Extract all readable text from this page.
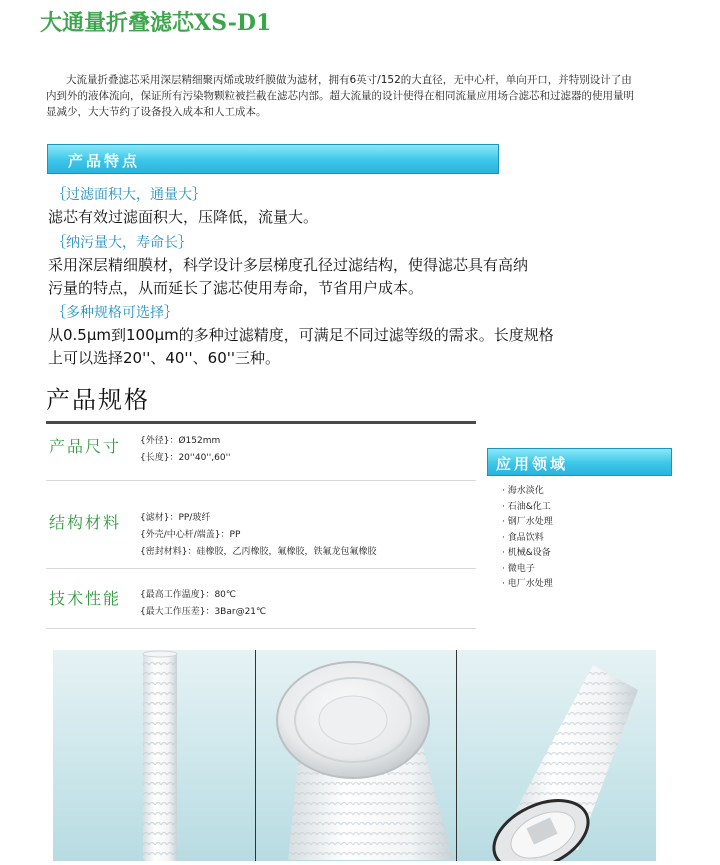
大通量折叠滤芯XS-D1
大流量折叠滤芯采用深层精细聚丙烯或玻纤膜做为滤材，拥有6英寸/152的大直径，无中心杆，单向开口，并特别设计了由内到外的液体流向，保证所有污染物颗粒被拦截在滤芯内部。超大流量的设计使得在相同流量应用场合滤芯和过滤器的使用量明显减少，大大节约了设备投入成本和人工成本。
产品特点
｛过滤面积大，通量大｝
滤芯有效过滤面积大，压降低，流量大。
｛纳污量大，寿命长｝
采用深层精细膜材，科学设计多层梯度孔径过滤结构，使得滤芯具有高纳
污量的特点，从而延长了滤芯使用寿命，节省用户成本。
｛多种规格可选择｝
从0.5μm到100μm的多种过滤精度，可满足不同过滤等级的需求。长度规格
上可以选择20''、40''、60''三种。
产品规格
产品尺寸 {外径}：Ø152mm
{长度}：20''40'',60''
结构材料 {滤材}：PP/玻纤
{外壳/中心杆/端盖}：PP
{密封材料}：硅橡胶，乙丙橡胶，氟橡胶，铁氟龙包氟橡胶
技术性能 {最高工作温度}：80℃
{最大工作压差}：3Bar@21℃
应用领域
· 海水淡化
· 石油&化工
· 钢厂水处理
· 食品饮料
· 机械&设备
· 微电子
· 电厂水处理
